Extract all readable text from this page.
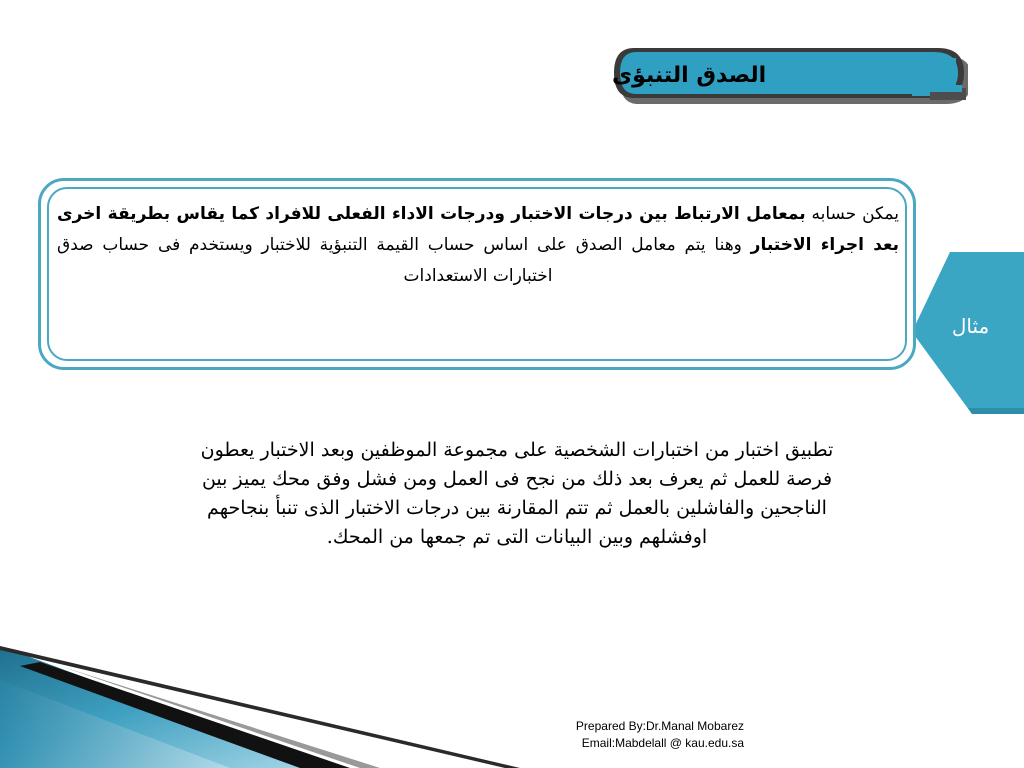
الصدق التنبؤى
مثال
يمكن حسابه بمعامل الارتباط بين درجات الاختبار ودرجات الاداء الفعلى للافراد كما يقاس بطريقة اخرى بعد اجراء الاختبار وهنا يتم معامل الصدق على اساس حساب القيمة التنبؤية للاختبار ويستخدم فى حساب صدق اختبارات الاستعدادات
تطبيق اختبار من اختبارات الشخصية على مجموعة الموظفين وبعد الاختبار يعطون
فرصة للعمل ثم يعرف بعد ذلك من نجح فى العمل ومن فشل وفق محك يميز بين
الناجحين والفاشلين بالعمل ثم تتم المقارنة بين درجات الاختبار الذى تنبأ بنجاحهم
اوفشلهم وبين البيانات التى تم جمعها من المحك.
Prepared By:Dr.Manal Mobarez
Email:Mabdelall @ kau.edu.sa
